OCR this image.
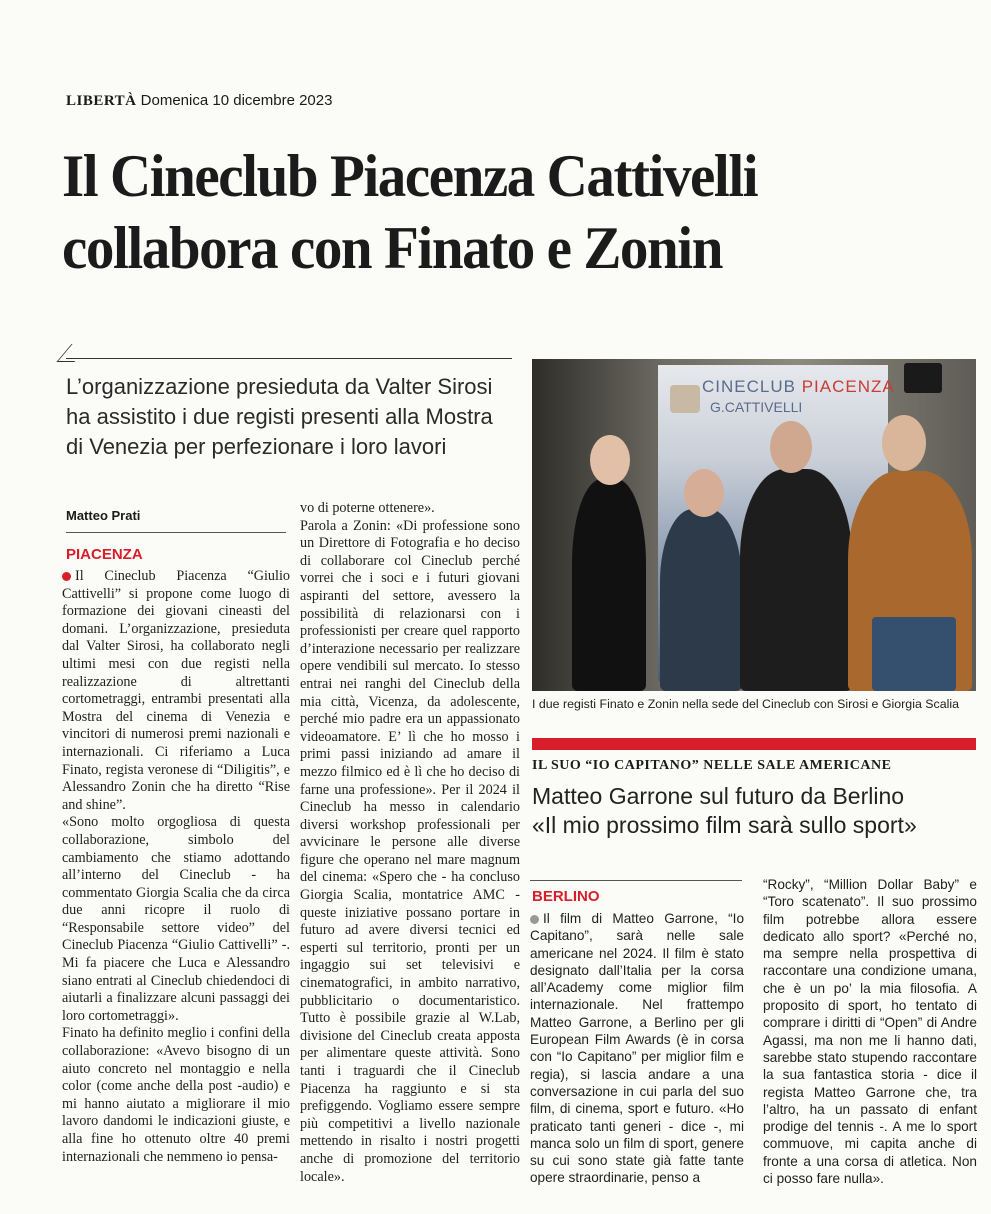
LIBERTÀ Domenica 10 dicembre 2023
Il Cineclub Piacenza Cattivelli
collabora con Finato e Zonin
L’organizzazione presieduta da Valter Sirosi
ha assistito i due registi presenti alla Mostra
di Venezia per perfezionare i loro lavori
Matteo Prati
PIACENZA

Il Cineclub Piacenza “Giulio Cattivelli” si propone come luogo di formazione dei giovani cineasti del domani. L’organizzazione, presieduta dal Valter Sirosi, ha collaborato negli ultimi mesi con due registi nella realizzazione di altrettanti cortometraggi, entrambi presentati alla Mostra del cinema di Venezia e vincitori di numerosi premi nazionali e internazionali. Ci riferiamo a Luca Finato, regista veronese di “Diligitis”, e Alessandro Zonin che ha diretto “Rise and shine”.

«Sono molto orgogliosa di questa collaborazione, simbolo del cambiamento che stiamo adottando all’interno del Cineclub - ha commentato Giorgia Scalia che da circa due anni ricopre il ruolo di “Responsabile settore video” del Cineclub Piacenza “Giulio Cattivelli” -. Mi fa piacere che Luca e Alessandro siano entrati al Cineclub chiedendoci di aiutarli a finalizzare alcuni passaggi dei loro cortometraggi».

Finato ha definito meglio i confini della collaborazione: «Avevo bisogno di un aiuto concreto nel montaggio e nella color (come anche della post -audio) e mi hanno aiutato a migliorare il mio lavoro dandomi le indicazioni giuste, e alla fine ho ottenuto oltre 40 premi internazionali che nemmeno io pensa-

vo di poterne ottenere».

Parola a Zonin: «Di professione sono un Direttore di Fotografia e ho deciso di collaborare col Cineclub perché vorrei che i soci e i futuri giovani aspiranti del settore, avessero la possibilità di relazionarsi con i professionisti per creare quel rapporto d’interazione necessario per realizzare opere vendibili sul mercato. Io stesso entrai nei ranghi del Cineclub della mia città, Vicenza, da adolescente, perché mio padre era un appassionato videoamatore. E’ lì che ho mosso i primi passi iniziando ad amare il mezzo filmico ed è lì che ho deciso di farne una professione». Per il 2024 il Cineclub ha messo in calendario diversi workshop professionali per avvicinare le persone alle diverse figure che operano nel mare magnum del cinema: «Spero che - ha concluso Giorgia Scalia, montatrice AMC - queste iniziative possano portare in futuro ad avere diversi tecnici ed esperti sul territorio, pronti per un ingaggio sui set televisivi e cinematografici, in ambito narrativo, pubblicitario o documentaristico. Tutto è possibile grazie al W.Lab, divisione del Cineclub creata apposta per alimentare queste attività. Sono tanti i traguardi che il Cineclub Piacenza ha raggiunto e si sta prefiggendo. Vogliamo essere sempre più competitivi a livello nazionale mettendo in risalto i nostri progetti anche di promozione del territorio locale».

CINECLUB PIACENZA
G.CATTIVELLI
I due registi Finato e Zonin nella sede del Cineclub con Sirosi e Giorgia Scalia
IL SUO “IO CAPITANO” NELLE SALE AMERICANE
Matteo Garrone sul futuro da Berlino
«Il mio prossimo film sarà sullo sport»
BERLINO

Il film di Matteo Garrone, “Io Capitano”, sarà nelle sale americane nel 2024. Il film è stato designato dall’Italia per la corsa all’Academy come miglior film internazionale. Nel frattempo Matteo Garrone, a Berlino per gli European Film Awards (è in corsa con “Io Capitano” per miglior film e regia), si lascia andare a una conversazione in cui parla del suo film, di cinema, sport e futuro. «Ho praticato tanti generi - dice -, mi manca solo un film di sport, genere su cui sono state già fatte tante opere straordinarie, penso a

“Rocky”, “Million Dollar Baby” e “Toro scatenato”. Il suo prossimo film potrebbe allora essere dedicato allo sport? «Perché no, ma sempre nella prospettiva di raccontare una condizione umana, che è un po’ la mia filosofia. A proposito di sport, ho tentato di comprare i diritti di “Open” di Andre Agassi, ma non me li hanno dati, sarebbe stato stupendo raccontare la sua fantastica storia - dice il regista Matteo Garrone che, tra l’altro, ha un passato di enfant prodige del tennis -. A me lo sport commuove, mi capita anche di fronte a una corsa di atletica. Non ci posso fare nulla».
